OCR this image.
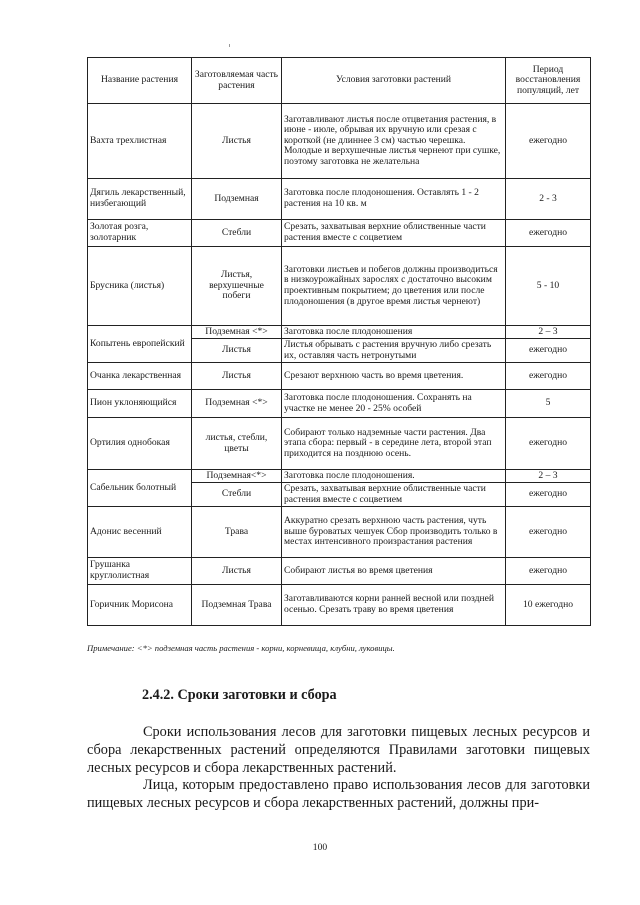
Название растения	Заготовляемая часть растения	Условия заготовки растений	Период восстановления популяций, лет
Вахта трехлистная	Листья	Заготавливают листья после отцветания растения, в июне - июле, обрывая их вручную или срезая с короткой (не длиннее 3 см) частью черешка. Молодые и верхушечные листья чернеют при сушке, поэтому заготовка не желательна	ежегодно
Дягиль лекарственный, низбегающий	Подземная	Заготовка после плодоношения. Оставлять 1 - 2 растения на 10 кв. м	2 - 3
Золотая розга, золотарник	Стебли	Срезать, захватывая верхние облиственные части растения вместе с соцветием	ежегодно
Брусника (листья)	Листья, верхушечные побеги	Заготовки листьев и побегов должны производиться в низкоурожайных зарослях с достаточно высоким проективным покрытием; до цветения или после плодоношения (в другое время листья чернеют)	5 - 10
Копытень европейский	Подземная <*>	Заготовка после плодоношения	2 – 3
	Листья	Листья обрывать с растения вручную либо срезать их, оставляя часть нетронутыми	ежегодно
Очанка лекарственная	Листья	Срезают верхнюю часть во время цветения.	ежегодно
Пион уклоняющийся	Подземная <*>	Заготовка после плодоношения. Сохранять на участке не менее 20 - 25% особей	5
Ортилия однобокая	листья, стебли, цветы	Собирают только надземные части растения. Два этапа сбора: первый - в середине лета, второй этап приходится на позднюю осень.	ежегодно
Сабельник болотный	Подземная<*>	Заготовка после плодоношения.	2 – 3
	Стебли	Срезать, захватывая верхние облиственные части растения вместе с соцветием	ежегодно
Адонис весенний	Трава	Аккуратно срезать верхнюю часть растения, чуть выше буроватых чешуек Сбор производить только в местах интенсивного произрастания растения	ежегодно
Грушанка круглолистная	Листья	Собирают листья во время цветения	ежегодно
Горичник Морисона	Подземная Трава	Заготавливаются корни ранней весной или поздней осенью. Срезать траву во время цветения	10 ежегодно
Примечание: <*> подземная часть растения - корни, корневища, клубни, луковицы.
2.4.2. Сроки заготовки и сбора

Сроки использования лесов для заготовки пищевых лесных ресурсов и сбора лекарственных растений определяются Правилами заготовки пищевых лесных ресурсов и сбора лекарственных растений.

Лица, которым предоставлено право использования лесов для заготовки пищевых лесных ресурсов и сбора лекарственных растений, должны при-

100
